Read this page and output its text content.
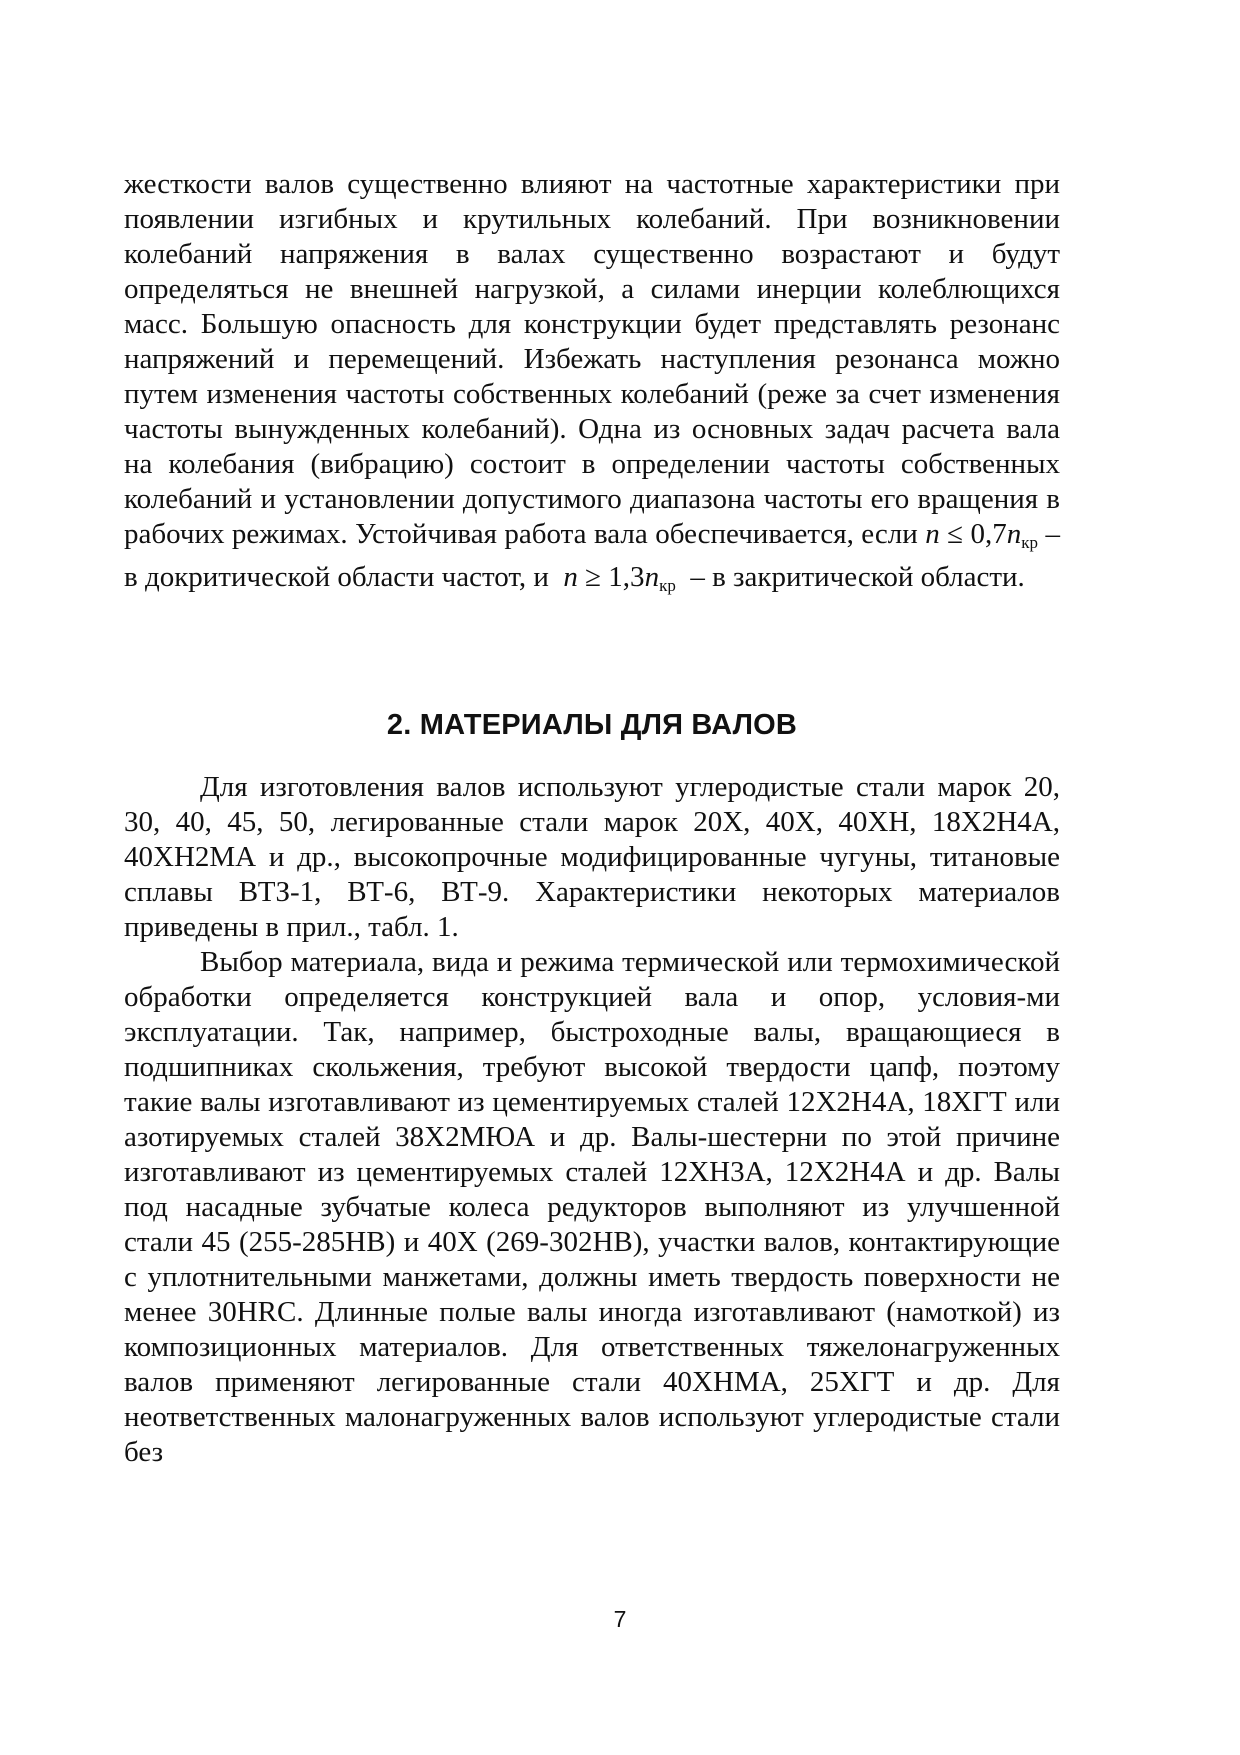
жесткости валов существенно влияют на частотные характеристики при появлении изгибных и крутильных колебаний. При возникновении колебаний напряжения в валах существенно возрастают и будут определяться не внешней нагрузкой, а силами инерции колеблющихся масс. Большую опасность для конструкции будет представлять резонанс напряжений и перемещений. Избежать наступления резонанса можно путем изменения частоты собственных колебаний (реже за счет изменения частоты вынужденных колебаний). Одна из основных задач расчета вала на колебания (вибрацию) состоит в определении частоты собственных колебаний и установлении допустимого диапазона частоты его вращения в рабочих режимах. Устойчивая работа вала обеспечивается, если $n \le 0,7n_{кр} - в$ докритической области частот, и $n \ge 1,3n_{кр} - в$ закритической области.

2. МАТЕРИАЛЫ ДЛЯ ВАЛОВ

Для изготовления валов используют углеродистые стали марок 20, 30, 40, 45, 50, легированные стали марок 20Х, 40Х, 40ХН, 18Х2Н4А, 40ХН2МА и др., высокопрочные модифицированные чугуны, титановые сплавы ВТЗ-1, ВТ-6, ВТ-9. Характеристики некоторых материалов приведены в прил., табл. 1.

Выбор материала, вида и режима термической или термохимической обработки определяется конструкцией вала и опор, условия-ми эксплуатации. Так, например, быстроходные валы, вращающиеся в подшипниках скольжения, требуют высокой твердости цапф, поэтому такие валы изготавливают из цементируемых сталей 12Х2Н4А, 18ХГТ или азотируемых сталей 38Х2МЮА и др. Валы-шестерни по этой причине изготавливают из цементируемых сталей 12ХН3А, 12Х2Н4А и др. Валы под насадные зубчатые колеса редукторов выполняют из улучшенной стали 45 (255-285НВ) и 40Х (269-302НВ), участки валов, контактирующие с уплотнительными манжетами, должны иметь твердость поверхности не менее 30HRC. Длинные полые валы иногда изготавливают (намоткой) из композиционных материалов. Для ответственных тяжелонагруженных валов применяют легированные стали 40ХНМА, 25ХГТ и др. Для неответственных малонагруженных валов используют углеродистые стали без

7
